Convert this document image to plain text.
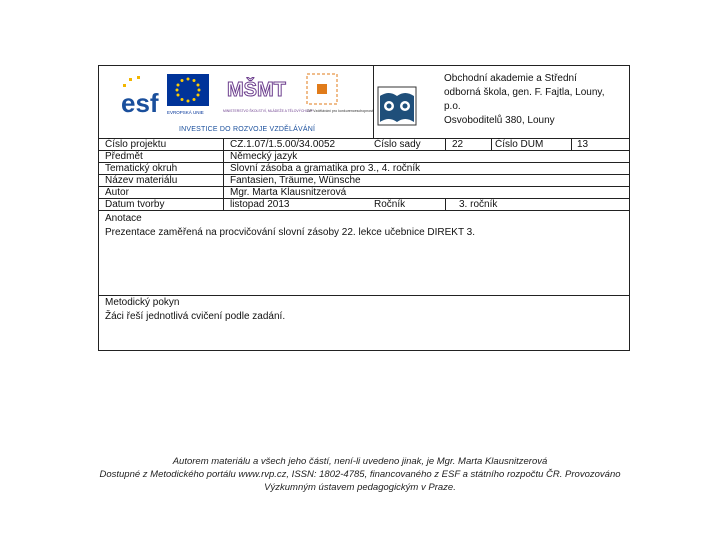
esf EVROPSKÁ UNIE
MŠMT
MINISTERSTVO ŠKOLSTVÍ, MLÁDEŽE A TĚLOVÝCHOVY
OP Vzdělávání pro konkurenceschopnost
INVESTICE DO ROZVOJE VZDĚLÁVÁNÍ
Obchodní akademie a Střední
odborná škola, gen. F. Fajtla, Louny,
p.o.
Osvoboditelů 380, Louny
Číslo projektu	CZ.1.07/1.5.00/34.0052	Číslo sady	22	Číslo DUM	13
Předmět	Německý jazyk
Tematický okruh	Slovní zásoba a gramatika pro 3., 4. ročník
Název materiálu	Fantasien, Träume, Wünsche
Autor	Mgr. Marta Klausnitzerová
Datum tvorby	listopad 2013	Ročník	3. ročník
Anotace
Prezentace zaměřená na procvičování slovní zásoby 22. lekce učebnice DIREKT 3.
Metodický pokyn
Žáci řeší jednotlivá cvičení podle zadání.
Autorem materiálu a všech jeho částí, není-li uvedeno jinak, je Mgr. Marta Klausnitzerová
Dostupné z Metodického portálu www.rvp.cz, ISSN: 1802-4785, financovaného z ESF a státního rozpočtu ČR. Provozováno
Výzkumným ústavem pedagogickým v Praze.
